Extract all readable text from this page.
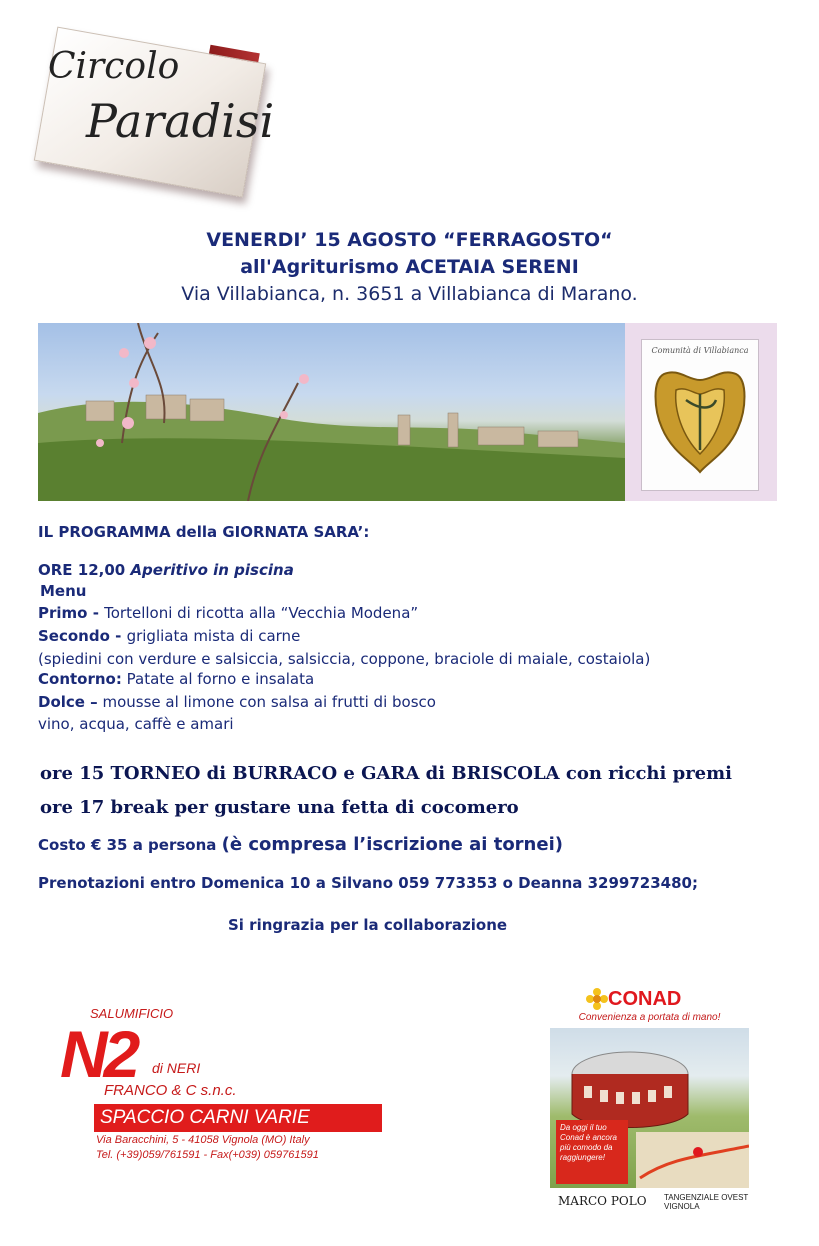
Circolo
Paradisi
VENERDI’ 15 AGOSTO “FERRAGOSTO“
all'Agriturismo ACETAIA SERENI
Via Villabianca, n. 3651 a Villabianca di Marano.
Comunità di Villabianca
IL PROGRAMMA della GIORNATA SARA’:
ORE 12,00 Aperitivo in piscina
Menu
Primo - Tortelloni di ricotta alla “Vecchia Modena”
Secondo - grigliata mista di carne
(spiedini con verdure e salsiccia, salsiccia, coppone, braciole di maiale, costaiola)
Contorno: Patate al forno e insalata
Dolce – mousse al limone con salsa ai frutti di bosco
vino, acqua, caffè e amari
ore 15 TORNEO di BURRACO e GARA di BRISCOLA con ricchi premi
ore 17 break per gustare una fetta di cocomero
Costo € 35 a persona (è compresa l’iscrizione ai tornei)
Prenotazioni entro Domenica 10 a Silvano 059 773353 o Deanna 3299723480;
Si ringrazia per la collaborazione
SALUMIFICIO
N2 di NERI
FRANCO & C s.n.c.
SPACCIO CARNI VARIE
Via Baracchini, 5 - 41058 Vignola (MO) Italy
Tel. (+39)059/761591 - Fax(+039) 059761591
CONAD
Convenienza a portata di mano!
Da oggi il tuo Conad è ancora più comodo da raggiungere!
MARCO POLO TANGENZIALE OVEST
VIGNOLA
